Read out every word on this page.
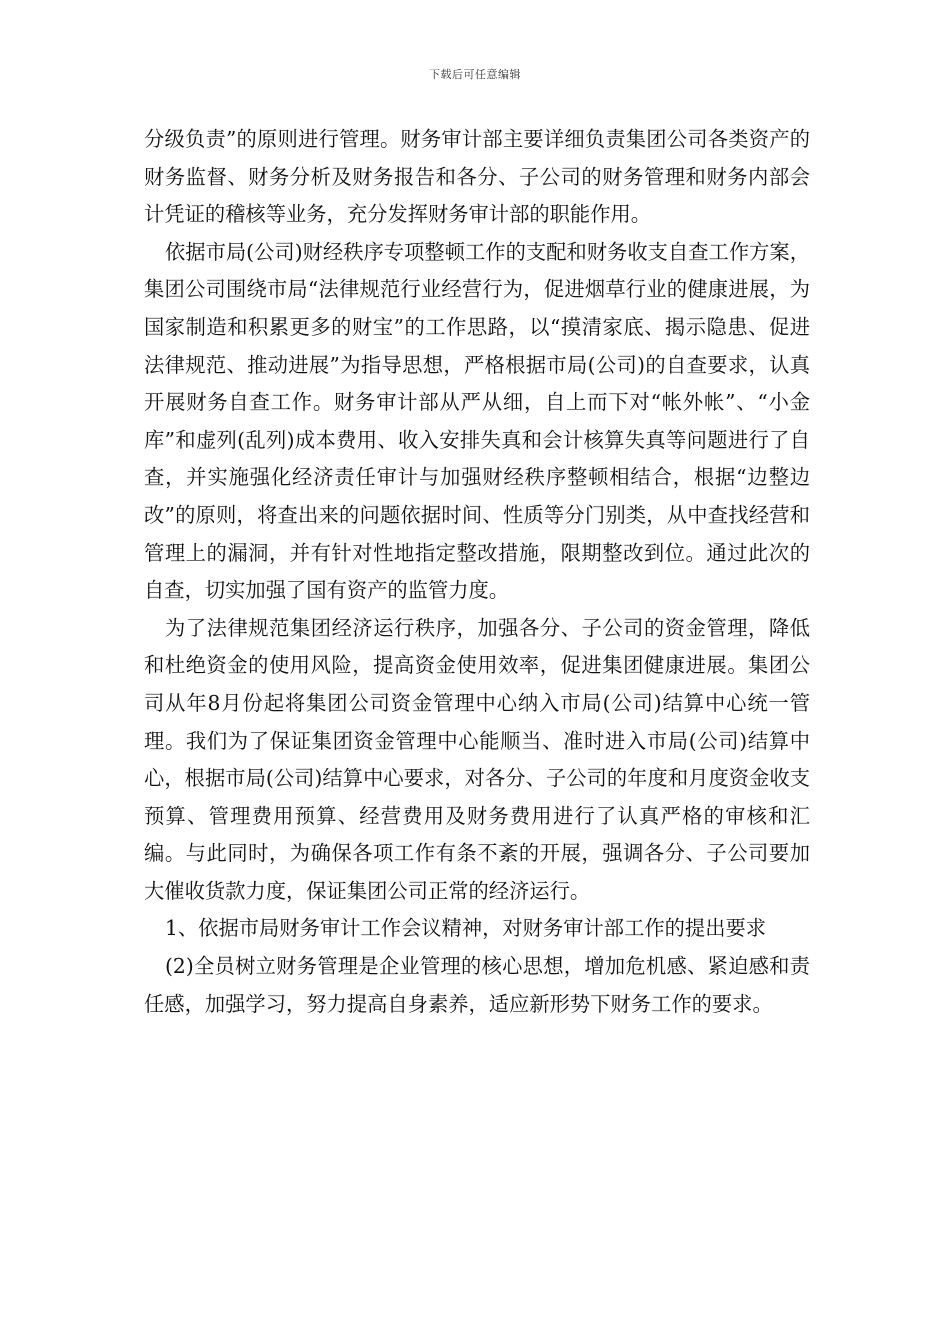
下载后可任意编辑

分级负责”的原则进行管理。财务审计部主要详细负责集团公司各类资产的财务监督、财务分析及财务报告和各分、子公司的财务管理和财务内部会计凭证的稽核等业务，充分发挥财务审计部的职能作用。

依据市局(公司)财经秩序专项整顿工作的支配和财务收支自查工作方案，集团公司围绕市局“法律规范行业经营行为，促进烟草行业的健康进展，为国家制造和积累更多的财宝”的工作思路，以“摸清家底、揭示隐患、促进法律规范、推动进展”为指导思想，严格根据市局(公司)的自查要求，认真开展财务自查工作。财务审计部从严从细，自上而下对“帐外帐”、“小金库”和虚列(乱列)成本费用、收入安排失真和会计核算失真等问题进行了自查，并实施强化经济责任审计与加强财经秩序整顿相结合，根据“边整边改”的原则，将查出来的问题依据时间、性质等分门别类，从中查找经营和管理上的漏洞，并有针对性地指定整改措施，限期整改到位。通过此次的自查，切实加强了国有资产的监管力度。

为了法律规范集团经济运行秩序，加强各分、子公司的资金管理，降低和杜绝资金的使用风险，提高资金使用效率，促进集团健康进展。集团公司从年8月份起将集团公司资金管理中心纳入市局(公司)结算中心统一管理。我们为了保证集团资金管理中心能顺当、准时进入市局(公司)结算中心，根据市局(公司)结算中心要求，对各分、子公司的年度和月度资金收支预算、管理费用预算、经营费用及财务费用进行了认真严格的审核和汇编。与此同时，为确保各项工作有条不紊的开展，强调各分、子公司要加大催收货款力度，保证集团公司正常的经济运行。

1、依据市局财务审计工作会议精神，对财务审计部工作的提出要求

(2)全员树立财务管理是企业管理的核心思想，增加危机感、紧迫感和责任感，加强学习，努力提高自身素养，适应新形势下财务工作的要求。
